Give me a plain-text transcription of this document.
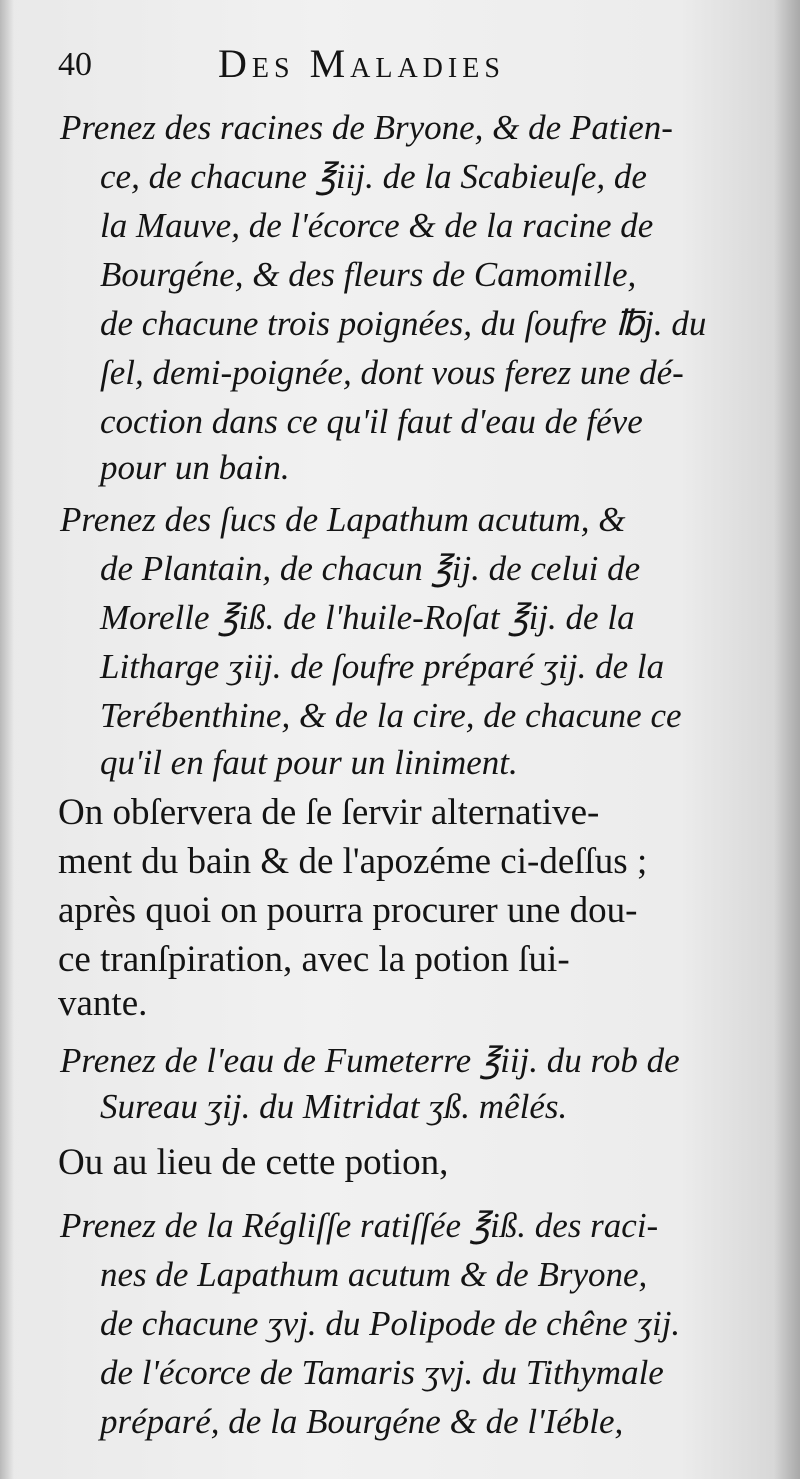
40	Des Maladies
Prenez des racines de Bryone, & de Patien-
ce, de chacune ℥iij. de la Scabieuſe, de
la Mauve, de l'écorce & de la racine de
Bourgéne, & des fleurs de Camomille,
de chacune trois poignées, du ſoufre ℔j. du
ſel, demi-poignée, dont vous ferez une dé-
coction dans ce qu'il faut d'eau de féve
pour un bain.
Prenez des ſucs de Lapathum acutum, &
de Plantain, de chacun ℥ij. de celui de
Morelle ℥iß. de l'huile-Roſat ℥ij. de la
Litharge ʒiij. de ſoufre préparé ʒij. de la
Terébenthine, & de la cire, de chacune ce
qu'il en faut pour un liniment.
On obſervera de ſe ſervir alternative-
ment du bain & de l'apozéme ci-deſſus ;
après quoi on pourra procurer une dou-
ce tranſpiration, avec la potion ſui-
vante.
Prenez de l'eau de Fumeterre ℥iij. du rob de
Sureau ʒij. du Mitridat ʒß. mêlés.
Ou au lieu de cette potion,
Prenez de la Régliſſe ratiſſée ℥iß. des raci-
nes de Lapathum acutum & de Bryone,
de chacune ʒvj. du Polipode de chêne ʒij.
de l'écorce de Tamaris ʒvj. du Tithymale
préparé, de la Bourgéne & de l'Iéble,
